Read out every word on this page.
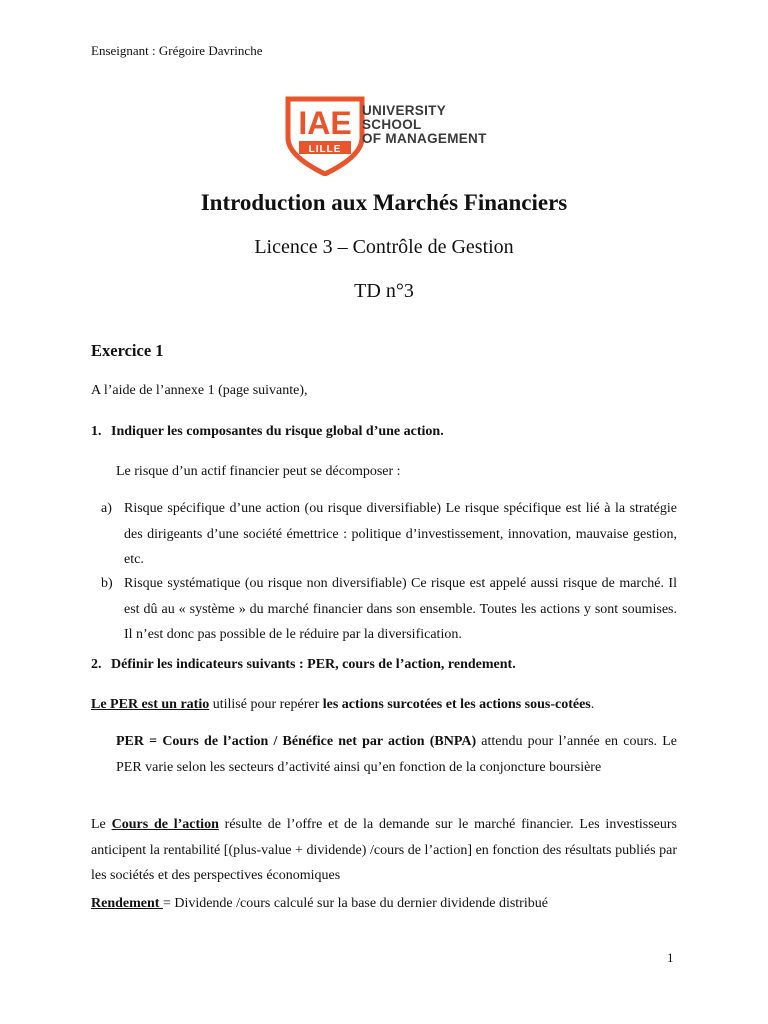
Enseignant : Grégoire Davrinche
IAE
LILLE
UNIVERSITY
SCHOOL
OF MANAGEMENT
Introduction aux Marchés Financiers
Licence 3 – Contrôle de Gestion
TD n°3
Exercice 1
A l’aide de l’annexe 1 (page suivante),
1. Indiquer les composantes du risque global d’une action.
Le risque d’un actif financier peut se décomposer :
a) Risque spécifique d’une action (ou risque diversifiable) Le risque spécifique est lié à la stratégie des dirigeants d’une société émettrice : politique d’investissement, innovation, mauvaise gestion, etc.
b) Risque systématique (ou risque non diversifiable) Ce risque est appelé aussi risque de marché. Il est dû au « système » du marché financier dans son ensemble. Toutes les actions y sont soumises. Il n’est donc pas possible de le réduire par la diversification.
2. Définir les indicateurs suivants : PER, cours de l’action, rendement.
Le PER est un ratio utilisé pour repérer les actions surcotées et les actions sous-cotées.
PER = Cours de l’action / Bénéfice net par action (BNPA) attendu pour l’année en cours. Le PER varie selon les secteurs d’activité ainsi qu’en fonction de la conjoncture boursière
Le Cours de l’action résulte de l’offre et de la demande sur le marché financier. Les investisseurs anticipent la rentabilité [(plus-value + dividende) /cours de l’action] en fonction des résultats publiés par les sociétés et des perspectives économiques
Rendement = Dividende /cours calculé sur la base du dernier dividende distribué
1
